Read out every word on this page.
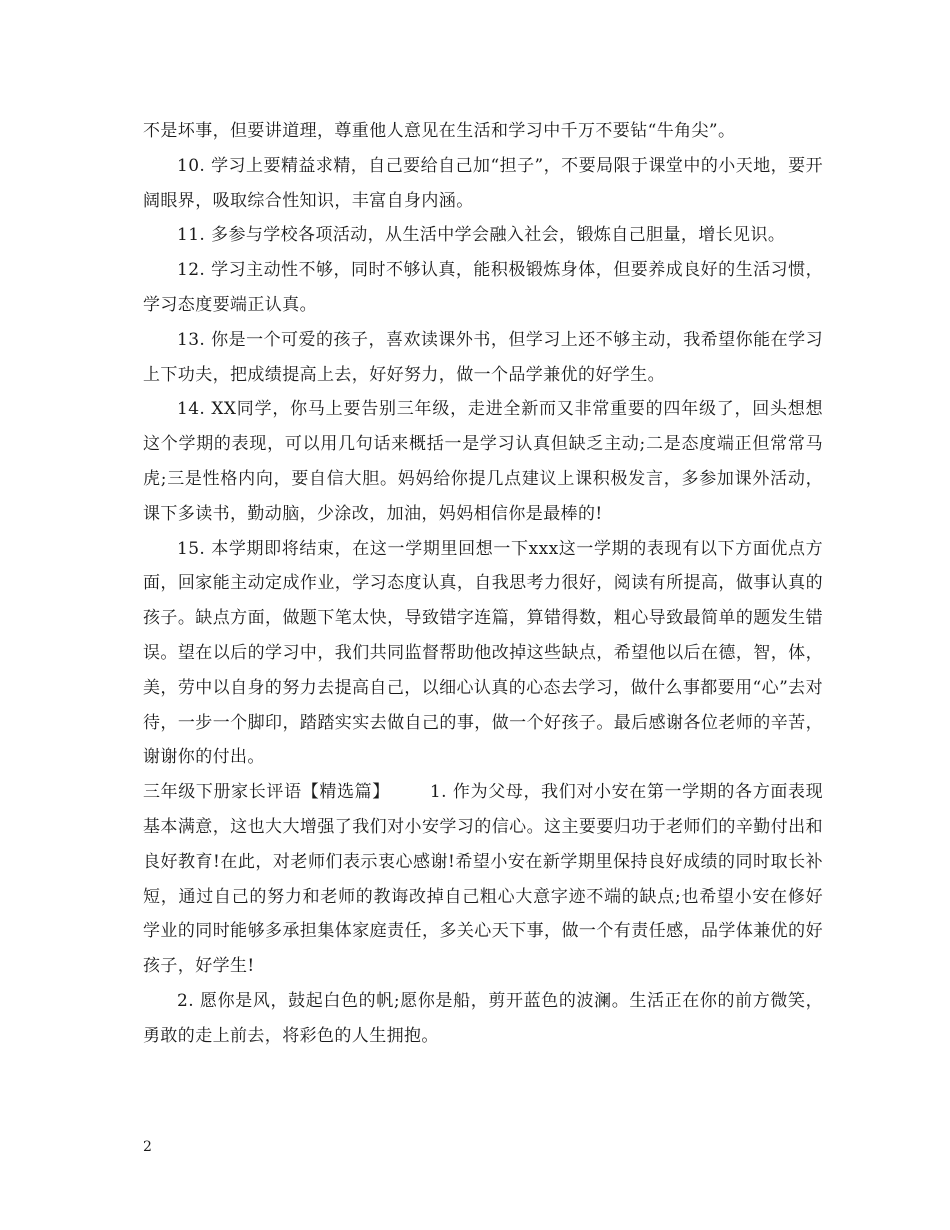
不是坏事，但要讲道理，尊重他人意见在生活和学习中千万不要钻“牛角尖”。

10. 学习上要精益求精，自己要给自己加“担子”，不要局限于课堂中的小天地，要开阔眼界，吸取综合性知识，丰富自身内涵。

11. 多参与学校各项活动，从生活中学会融入社会，锻炼自己胆量，增长见识。

12. 学习主动性不够，同时不够认真，能积极锻炼身体，但要养成良好的生活习惯，学习态度要端正认真。

13. 你是一个可爱的孩子，喜欢读课外书，但学习上还不够主动，我希望你能在学习上下功夫，把成绩提高上去，好好努力，做一个品学兼优的好学生。

14. XX同学，你马上要告别三年级，走进全新而又非常重要的四年级了，回头想想这个学期的表现，可以用几句话来概括一是学习认真但缺乏主动;二是态度端正但常常马虎;三是性格内向，要自信大胆。妈妈给你提几点建议上课积极发言，多参加课外活动，课下多读书，勤动脑，少涂改，加油，妈妈相信你是最棒的!

15. 本学期即将结束，在这一学期里回想一下xxx这一学期的表现有以下方面优点方面，回家能主动定成作业，学习态度认真，自我思考力很好，阅读有所提高，做事认真的孩子。缺点方面，做题下笔太快，导致错字连篇，算错得数，粗心导致最简单的题发生错误。望在以后的学习中，我们共同监督帮助他改掉这些缺点，希望他以后在德，智，体，美，劳中以自身的努力去提高自己，以细心认真的心态去学习，做什么事都要用“心”去对待，一步一个脚印，踏踏实实去做自己的事，做一个好孩子。最后感谢各位老师的辛苦，谢谢你的付出。

三年级下册家长评语【精选篇】 1. 作为父母，我们对小安在第一学期的各方面表现基本满意，这也大大增强了我们对小安学习的信心。这主要要归功于老师们的辛勤付出和良好教育!在此，对老师们表示衷心感谢!希望小安在新学期里保持良好成绩的同时取长补短，通过自己的努力和老师的教诲改掉自己粗心大意字迹不端的缺点;也希望小安在修好学业的同时能够多承担集体家庭责任，多关心天下事，做一个有责任感，品学体兼优的好孩子，好学生!

2. 愿你是风，鼓起白色的帆;愿你是船，剪开蓝色的波澜。生活正在你的前方微笑，勇敢的走上前去，将彩色的人生拥抱。

2
